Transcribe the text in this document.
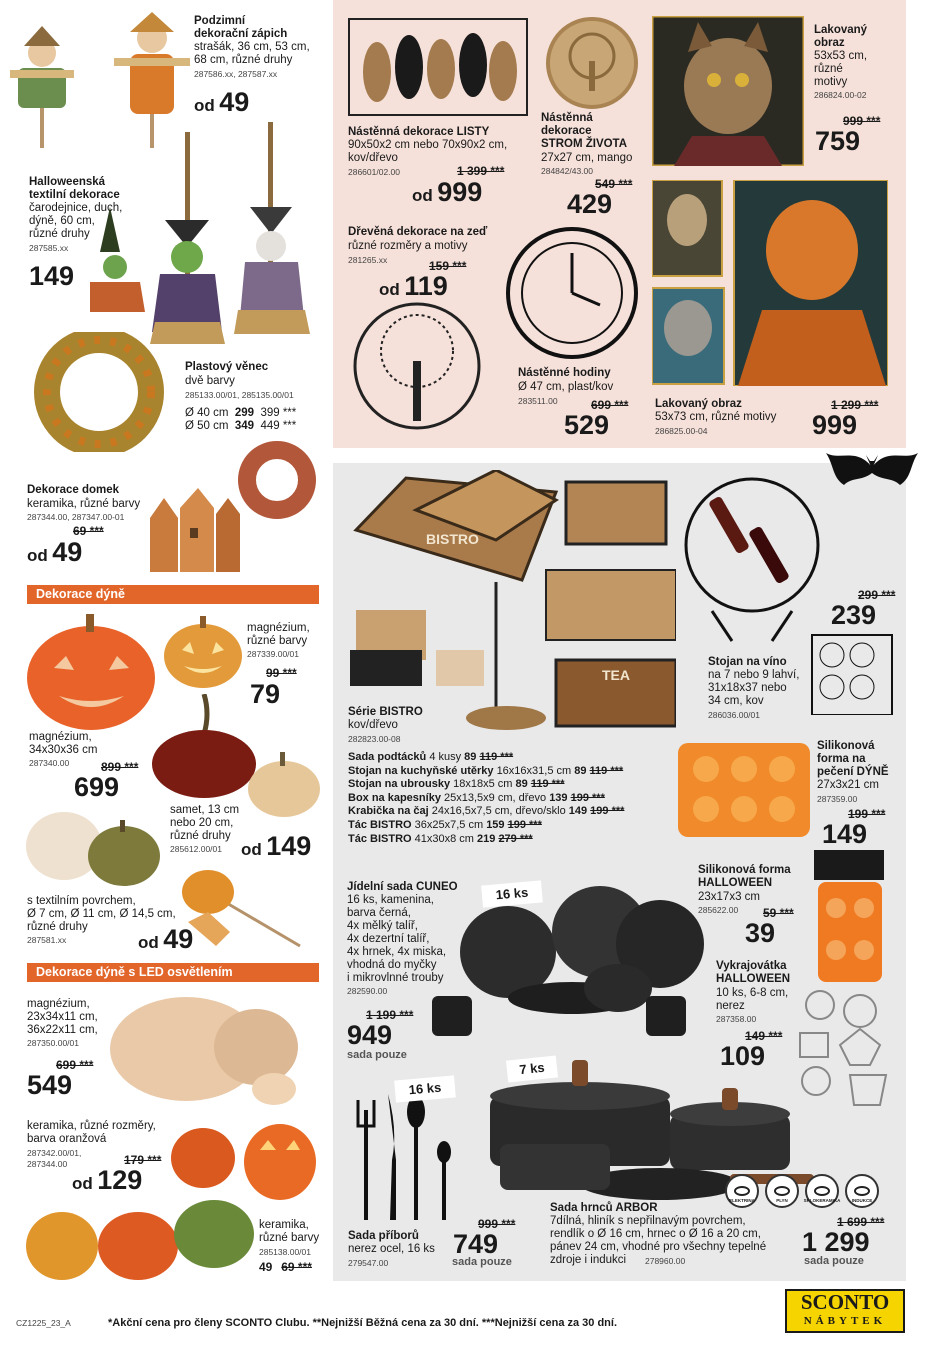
Podzimní
dekorační zápich
strašák, 36 cm, 53 cm,
68 cm, různé druhy
287586.xx, 287587.xx
od 49
Halloweenská
textilní dekorace
čarodejnice, duch,
dýně, 60 cm,
různé druhy
287585.xx
149
Plastový věnec
dvě barvy
285133.00/01, 285135.00/01
Ø 40 cm 299 399 ***
Ø 50 cm 349 449 ***
Dekorace domek
keramika, různé barvy
287344.00, 287347.00-01
69 ***
od 49
Dekorace dýně
magnézium,
různé barvy
287339.00/01
99 ***
79
magnézium,
34x30x36 cm
287340.00	899 ***
699
samet, 13 cm
nebo 20 cm,
různé druhy
285612.00/01 od 149
s textilním povrchem,
Ø 7 cm, Ø 11 cm, Ø 14,5 cm,
různé druhy
287581.xx	od 49
Dekorace dýně s LED osvětlením
magnézium,
23x34x11 cm,
36x22x11 cm,
287350.00/01
699 ***
549
keramika, různé rozměry,
barva oranžová
287342.00/01,
287344.00	179 ***
od 129
keramika,
různé barvy
285138.00/01
49 69 ***
Nástěnná dekorace LISTY
90x50x2 cm nebo 70x90x2 cm,
kov/dřevo
286601/02.00	1 399 ***
od 999
Nástěnná
dekorace
STROM ŽIVOTA
27x27 cm, mango
284842/43.00
549 ***
429
Lakovaný
obraz
53x53 cm,
různé
motivy
286824.00-02
999 ***
759
Dřevěná dekorace na zeď
různé rozměry a motivy
281265.xx	159 ***
od 119
Nástěnné hodiny
Ø 47 cm, plast/kov
283511.00	699 ***
529
Lakovaný obraz
53x73 cm, různé motivy
286825.00-04
1 299 ***
999
BISTRO
TEA
Série BISTRO
kov/dřevo
282823.00-08
Sada podtácků 4 kusy 89 119 ***
Stojan na kuchyňské utěrky 16x16x31,5 cm 89 119 ***
Stojan na ubrousky 18x18x5 cm 89 119 ***
Box na kapesníky 25x13,5x9 cm, dřevo 139 199 ***
Krabička na čaj 24x16,5x7,5 cm, dřevo/sklo 149 199 ***
Tác BISTRO 36x25x7,5 cm 159 199 ***
Tác BISTRO 41x30x8 cm 219 279 ***
299 ***
239
Stojan na víno
na 7 nebo 9 lahví,
31x18x37 nebo
34 cm, kov
286036.00/01
Silikonová
forma na
pečení DÝNĚ
27x3x21 cm
287359.00
199 ***
149
Silikonová forma
HALLOWEEN
23x17x3 cm
285622.00 59 ***
39
16 ks
Jídelní sada CUNEO
16 ks, kamenina,
barva černá,
4x mělký talíř,
4x dezertní talíř,
4x hrnek, 4x miska,
vhodná do myčky
i mikrovlnné trouby
282590.00
1 199 ***
949
sada pouze
Vykrajovátka
HALLOWEEN
10 ks, 6-8 cm,
nerez
287358.00
149 ***
109
16 ks
Sada příborů
nerez ocel, 16 ks
279547.00
999 ***
749
sada pouze
7 ks
ELEKTRINA	PLYN	SKLOKERAMIKA	INDUKCE
Sada hrnců ARBOR
7dílná, hliník s nepřilnavým povrchem,
rendlík o Ø 16 cm, hrnec o Ø 16 a 20 cm,
pánev 24 cm, vhodné pro všechny tepelné
zdroje i indukci	278960.00
1 699 ***
1 299
sada pouze
CZ1225_23_A	*Akční cena pro členy SCONTO Clubu. **Nejnižší Běžná cena za 30 dní. ***Nejnižší cena za 30 dní.
SCONTO
NÁBYTEK
